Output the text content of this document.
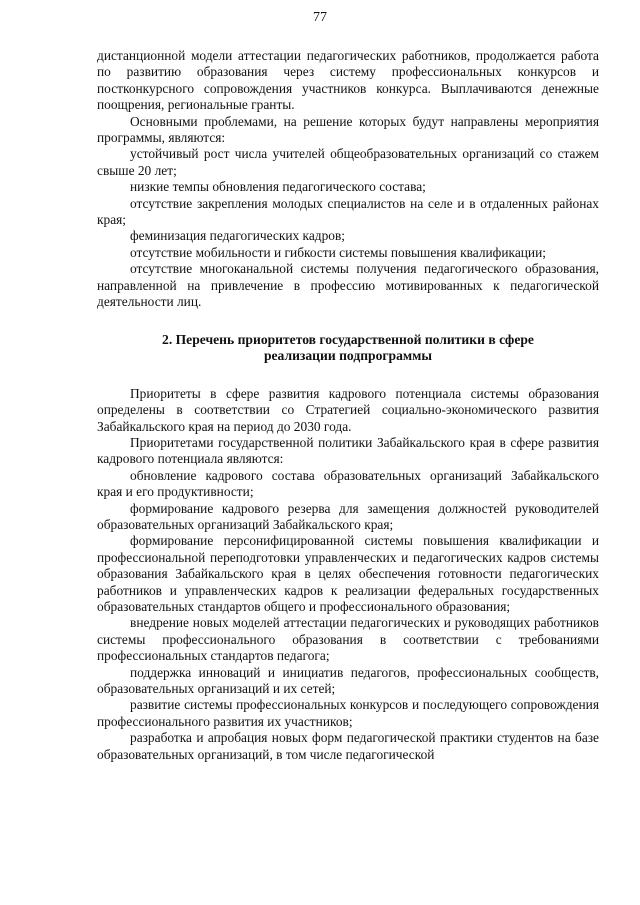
77

дистанционной модели аттестации педагогических работников, продолжается работа по развитию образования через систему профессиональных конкурсов и постконкурсного сопровождения участников конкурса. Выплачиваются денежные поощрения, региональные гранты.

Основными проблемами, на решение которых будут направлены мероприятия программы, являются:

устойчивый рост числа учителей общеобразовательных организаций со стажем свыше 20 лет;

низкие темпы обновления педагогического состава;

отсутствие закрепления молодых специалистов на селе и в отдаленных районах края;

феминизация педагогических кадров;

отсутствие мобильности и гибкости системы повышения квалификации;

отсутствие многоканальной системы получения педагогического образования, направленной на привлечение в профессию мотивированных к педагогической деятельности лиц.

2. Перечень приоритетов государственной политики в сфере
реализации подпрограммы

Приоритеты в сфере развития кадрового потенциала системы образования определены в соответствии со Стратегией социально-экономического развития Забайкальского края на период до 2030 года.

Приоритетами государственной политики Забайкальского края в сфере развития кадрового потенциала являются:

обновление кадрового состава образовательных организаций Забайкальского края и его продуктивности;

формирование кадрового резерва для замещения должностей руководителей образовательных организаций Забайкальского края;

формирование персонифицированной системы повышения квалификации и профессиональной переподготовки управленческих и педагогических кадров системы образования Забайкальского края в целях обеспечения готовности педагогических работников и управленческих кадров к реализации федеральных государственных образовательных стандартов общего и профессионального образования;

внедрение новых моделей аттестации педагогических и руководящих работников системы профессионального образования в соответствии с требованиями профессиональных стандартов педагога;

поддержка инноваций и инициатив педагогов, профессиональных сообществ, образовательных организаций и их сетей;

развитие системы профессиональных конкурсов и последующего сопровождения профессионального развития их участников;

разработка и апробация новых форм педагогической практики студентов на базе образовательных организаций, в том числе педагогической
